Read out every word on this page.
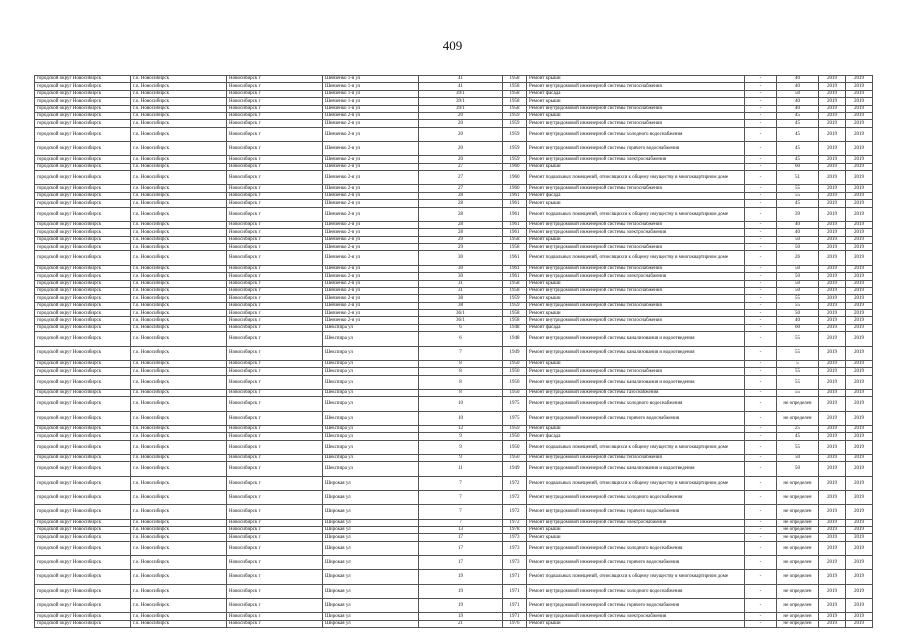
409
городской округ Новосибирск	г.о. Новосибирск	Новосибирск г	Шевченко 1-я ул	41	1958	Ремонт крыши	-	40	2019	2019
городской округ Новосибирск	г.о. Новосибирск	Новосибирск г	Шевченко 1-я ул	41	1958	Ремонт внутридомовой инженерной системы теплоснабжения	-	40	2019	2019
городской округ Новосибирск	г.о. Новосибирск	Новосибирск г	Шевченко 1-я ул	39/1	1958	Ремонт фасада	-	50	2019	2019
городской округ Новосибирск	г.о. Новосибирск	Новосибирск г	Шевченко 1-я ул	39/1	1958	Ремонт крыши	-	40	2019	2019
городской округ Новосибирск	г.о. Новосибирск	Новосибирск г	Шевченко 1-я ул	39/1	1958	Ремонт внутридомовой инженерной системы теплоснабжения	-	40	2019	2019
городской округ Новосибирск	г.о. Новосибирск	Новосибирск г	Шевченко 2-я ул	20	1959	Ремонт крыши	-	45	2019	2019
городской округ Новосибирск	г.о. Новосибирск	Новосибирск г	Шевченко 2-я ул	20	1959	Ремонт внутридомовой инженерной системы теплоснабжения	-	45	2019	2019
городской округ Новосибирск	г.о. Новосибирск	Новосибирск г	Шевченко 2-я ул	20	1959	Ремонт внутридомовой инженерной системы холодного водоснабжения	-	45	2019	2019
городской округ Новосибирск	г.о. Новосибирск	Новосибирск г	Шевченко 2-я ул	20	1959	Ремонт внутридомовой инженерной системы горячего водоснабжения	-	45	2019	2019
городской округ Новосибирск	г.о. Новосибирск	Новосибирск г	Шевченко 2-я ул	20	1959	Ремонт внутридомовой инженерной системы электроснабжения	-	45	2019	2019
городской округ Новосибирск	г.о. Новосибирск	Новосибирск г	Шевченко 2-я ул	27	1960	Ремонт крыши	-	60	2019	2019
городской округ Новосибирск	г.о. Новосибирск	Новосибирск г	Шевченко 2-я ул	27	1960	Ремонт подвальных помещений, относящихся к общему имуществу в многоквартирном доме	-	51	2019	2019
городской округ Новосибирск	г.о. Новосибирск	Новосибирск г	Шевченко 2-я ул	27	1960	Ремонт внутридомовой инженерной системы теплоснабжения	-	55	2019	2019
городской округ Новосибирск	г.о. Новосибирск	Новосибирск г	Шевченко 2-я ул	28	1961	Ремонт фасада	-	55	2019	2019
городской округ Новосибирск	г.о. Новосибирск	Новосибирск г	Шевченко 2-я ул	28	1961	Ремонт крыши	-	45	2019	2019
городской округ Новосибирск	г.о. Новосибирск	Новосибирск г	Шевченко 2-я ул	28	1961	Ремонт подвальных помещений, относящихся к общему имуществу в многоквартирном доме	-	39	2019	2019
городской округ Новосибирск	г.о. Новосибирск	Новосибирск г	Шевченко 2-я ул	28	1961	Ремонт внутридомовой инженерной системы теплоснабжения	-	40	2019	2019
городской округ Новосибирск	г.о. Новосибирск	Новосибирск г	Шевченко 2-я ул	28	1961	Ремонт внутридомовой инженерной системы электроснабжения	-	40	2019	2019
городской округ Новосибирск	г.о. Новосибирск	Новосибирск г	Шевченко 2-я ул	29	1958	Ремонт крыши	-	50	2019	2019
городской округ Новосибирск	г.о. Новосибирск	Новосибирск г	Шевченко 2-я ул	29	1958	Ремонт внутридомовой инженерной системы теплоснабжения	-	50	2019	2019
городской округ Новосибирск	г.о. Новосибирск	Новосибирск г	Шевченко 2-я ул	30	1961	Ремонт подвальных помещений, относящихся к общему имуществу в многоквартирном доме	-	26	2019	2019
городской округ Новосибирск	г.о. Новосибирск	Новосибирск г	Шевченко 2-я ул	30	1961	Ремонт внутридомовой инженерной системы теплоснабжения	-	50	2019	2019
городской округ Новосибирск	г.о. Новосибирск	Новосибирск г	Шевченко 2-я ул	30	1961	Ремонт внутридомовой инженерной системы электроснабжения	-	50	2019	2019
городской округ Новосибирск	г.о. Новосибирск	Новосибирск г	Шевченко 2-я ул	31	1958	Ремонт крыши	-	50	2019	2019
городской округ Новосибирск	г.о. Новосибирск	Новосибирск г	Шевченко 2-я ул	31	1958	Ремонт внутридомовой инженерной системы теплоснабжения	-	50	2019	2019
городской округ Новосибирск	г.о. Новосибирск	Новосибирск г	Шевченко 2-я ул	38	1959	Ремонт крыши	-	55	2019	2019
городской округ Новосибирск	г.о. Новосибирск	Новосибирск г	Шевченко 2-я ул	38	1959	Ремонт внутридомовой инженерной системы теплоснабжения	-	55	2019	2019
городской округ Новосибирск	г.о. Новосибирск	Новосибирск г	Шевченко 2-я ул	36/1	1958	Ремонт крыши	-	50	2019	2019
городской округ Новосибирск	г.о. Новосибирск	Новосибирск г	Шевченко 2-я ул	36/1	1958	Ремонт внутридомовой инженерной системы теплоснабжения	-	40	2019	2019
городской округ Новосибирск	г.о. Новосибирск	Новосибирск г	Шекспира ул	6	1948	Ремонт фасада	-	60	2019	2019
городской округ Новосибирск	г.о. Новосибирск	Новосибирск г	Шекспира ул	6	1948	Ремонт внутридомовой инженерной системы канализования и водоотведения	-	55	2019	2019
городской округ Новосибирск	г.о. Новосибирск	Новосибирск г	Шекспира ул	7	1949	Ремонт внутридомовой инженерной системы канализования и водоотведения	-	55	2019	2019
городской округ Новосибирск	г.о. Новосибирск	Новосибирск г	Шекспира ул	8	1950	Ремонт крыши	-	5	2019	2019
городской округ Новосибирск	г.о. Новосибирск	Новосибирск г	Шекспира ул	8	1950	Ремонт внутридомовой инженерной системы теплоснабжения	-	55	2019	2019
городской округ Новосибирск	г.о. Новосибирск	Новосибирск г	Шекспира ул	8	1950	Ремонт внутридомовой инженерной системы канализования и водоотведения	-	55	2019	2019
городской округ Новосибирск	г.о. Новосибирск	Новосибирск г	Шекспира ул	8	1950	Ремонт внутридомовой инженерной системы газоснабжения	-	55	2019	2019
городской округ Новосибирск	г.о. Новосибирск	Новосибирск г	Шекспира ул	10	1975	Ремонт внутридомовой инженерной системы холодного водоснабжения	-	не определен	2019	2019
городской округ Новосибирск	г.о. Новосибирск	Новосибирск г	Шекспира ул	10	1975	Ремонт внутридомовой инженерной системы горячего водоснабжения	-	не определен	2019	2019
городской округ Новосибирск	г.о. Новосибирск	Новосибирск г	Шекспира ул	12	1959	Ремонт крыши	-	25	2019	2019
городской округ Новосибирск	г.о. Новосибирск	Новосибирск г	Шекспира ул	9	1950	Ремонт фасада	-	45	2019	2019
городской округ Новосибирск	г.о. Новосибирск	Новосибирск г	Шекспира ул	9	1950	Ремонт подвальных помещений, относящихся к общему имуществу в многоквартирном доме	-	55	2019	2019
городской округ Новосибирск	г.о. Новосибирск	Новосибирск г	Шекспира ул	9	1950	Ремонт внутридомовой инженерной системы теплоснабжения	-	50	2019	2019
городской округ Новосибирск	г.о. Новосибирск	Новосибирск г	Шекспира ул	11	1949	Ремонт внутридомовой инженерной системы канализования и водоотведения	-	50	2019	2019
городской округ Новосибирск	г.о. Новосибирск	Новосибирск г	Широкая ул	7	1972	Ремонт подвальных помещений, относящихся к общему имуществу в многоквартирном доме	-	не определен	2019	2019
городской округ Новосибирск	г.о. Новосибирск	Новосибирск г	Широкая ул	7	1972	Ремонт внутридомовой инженерной системы холодного водоснабжения	-	не определен	2019	2019
городской округ Новосибирск	г.о. Новосибирск	Новосибирск г	Широкая ул	7	1972	Ремонт внутридомовой инженерной системы горячего водоснабжения	-	не определен	2019	2019
городской округ Новосибирск	г.о. Новосибирск	Новосибирск г	Широкая ул	7	1972	Ремонт внутридомовой инженерной системы электроснабжения	-	не определен	2019	2019
городской округ Новосибирск	г.о. Новосибирск	Новосибирск г	Широкая ул	13	1978	Ремонт крыши	-	не определен	2019	2019
городской округ Новосибирск	г.о. Новосибирск	Новосибирск г	Широкая ул	17	1973	Ремонт крыши	-	не определен	2019	2019
городской округ Новосибирск	г.о. Новосибирск	Новосибирск г	Широкая ул	17	1973	Ремонт внутридомовой инженерной системы холодного водоснабжения	-	не определен	2019	2019
городской округ Новосибирск	г.о. Новосибирск	Новосибирск г	Широкая ул	17	1973	Ремонт внутридомовой инженерной системы горячего водоснабжения	-	не определен	2019	2019
городской округ Новосибирск	г.о. Новосибирск	Новосибирск г	Широкая ул	19	1971	Ремонт подвальных помещений, относящихся к общему имуществу в многоквартирном доме	-	не определен	2019	2019
городской округ Новосибирск	г.о. Новосибирск	Новосибирск г	Широкая ул	19	1971	Ремонт внутридомовой инженерной системы холодного водоснабжения	-	не определен	2019	2019
городской округ Новосибирск	г.о. Новосибирск	Новосибирск г	Широкая ул	19	1971	Ремонт внутридомовой инженерной системы горячего водоснабжения	-	не определен	2019	2019
городской округ Новосибирск	г.о. Новосибирск	Новосибирск г	Широкая ул	19	1971	Ремонт внутридомовой инженерной системы электроснабжения	-	не определен	2019	2019
городской округ Новосибирск	г.о. Новосибирск	Новосибирск г	Широкая ул	21	1976	Ремонт крыши	-	не определен	2019	2019
